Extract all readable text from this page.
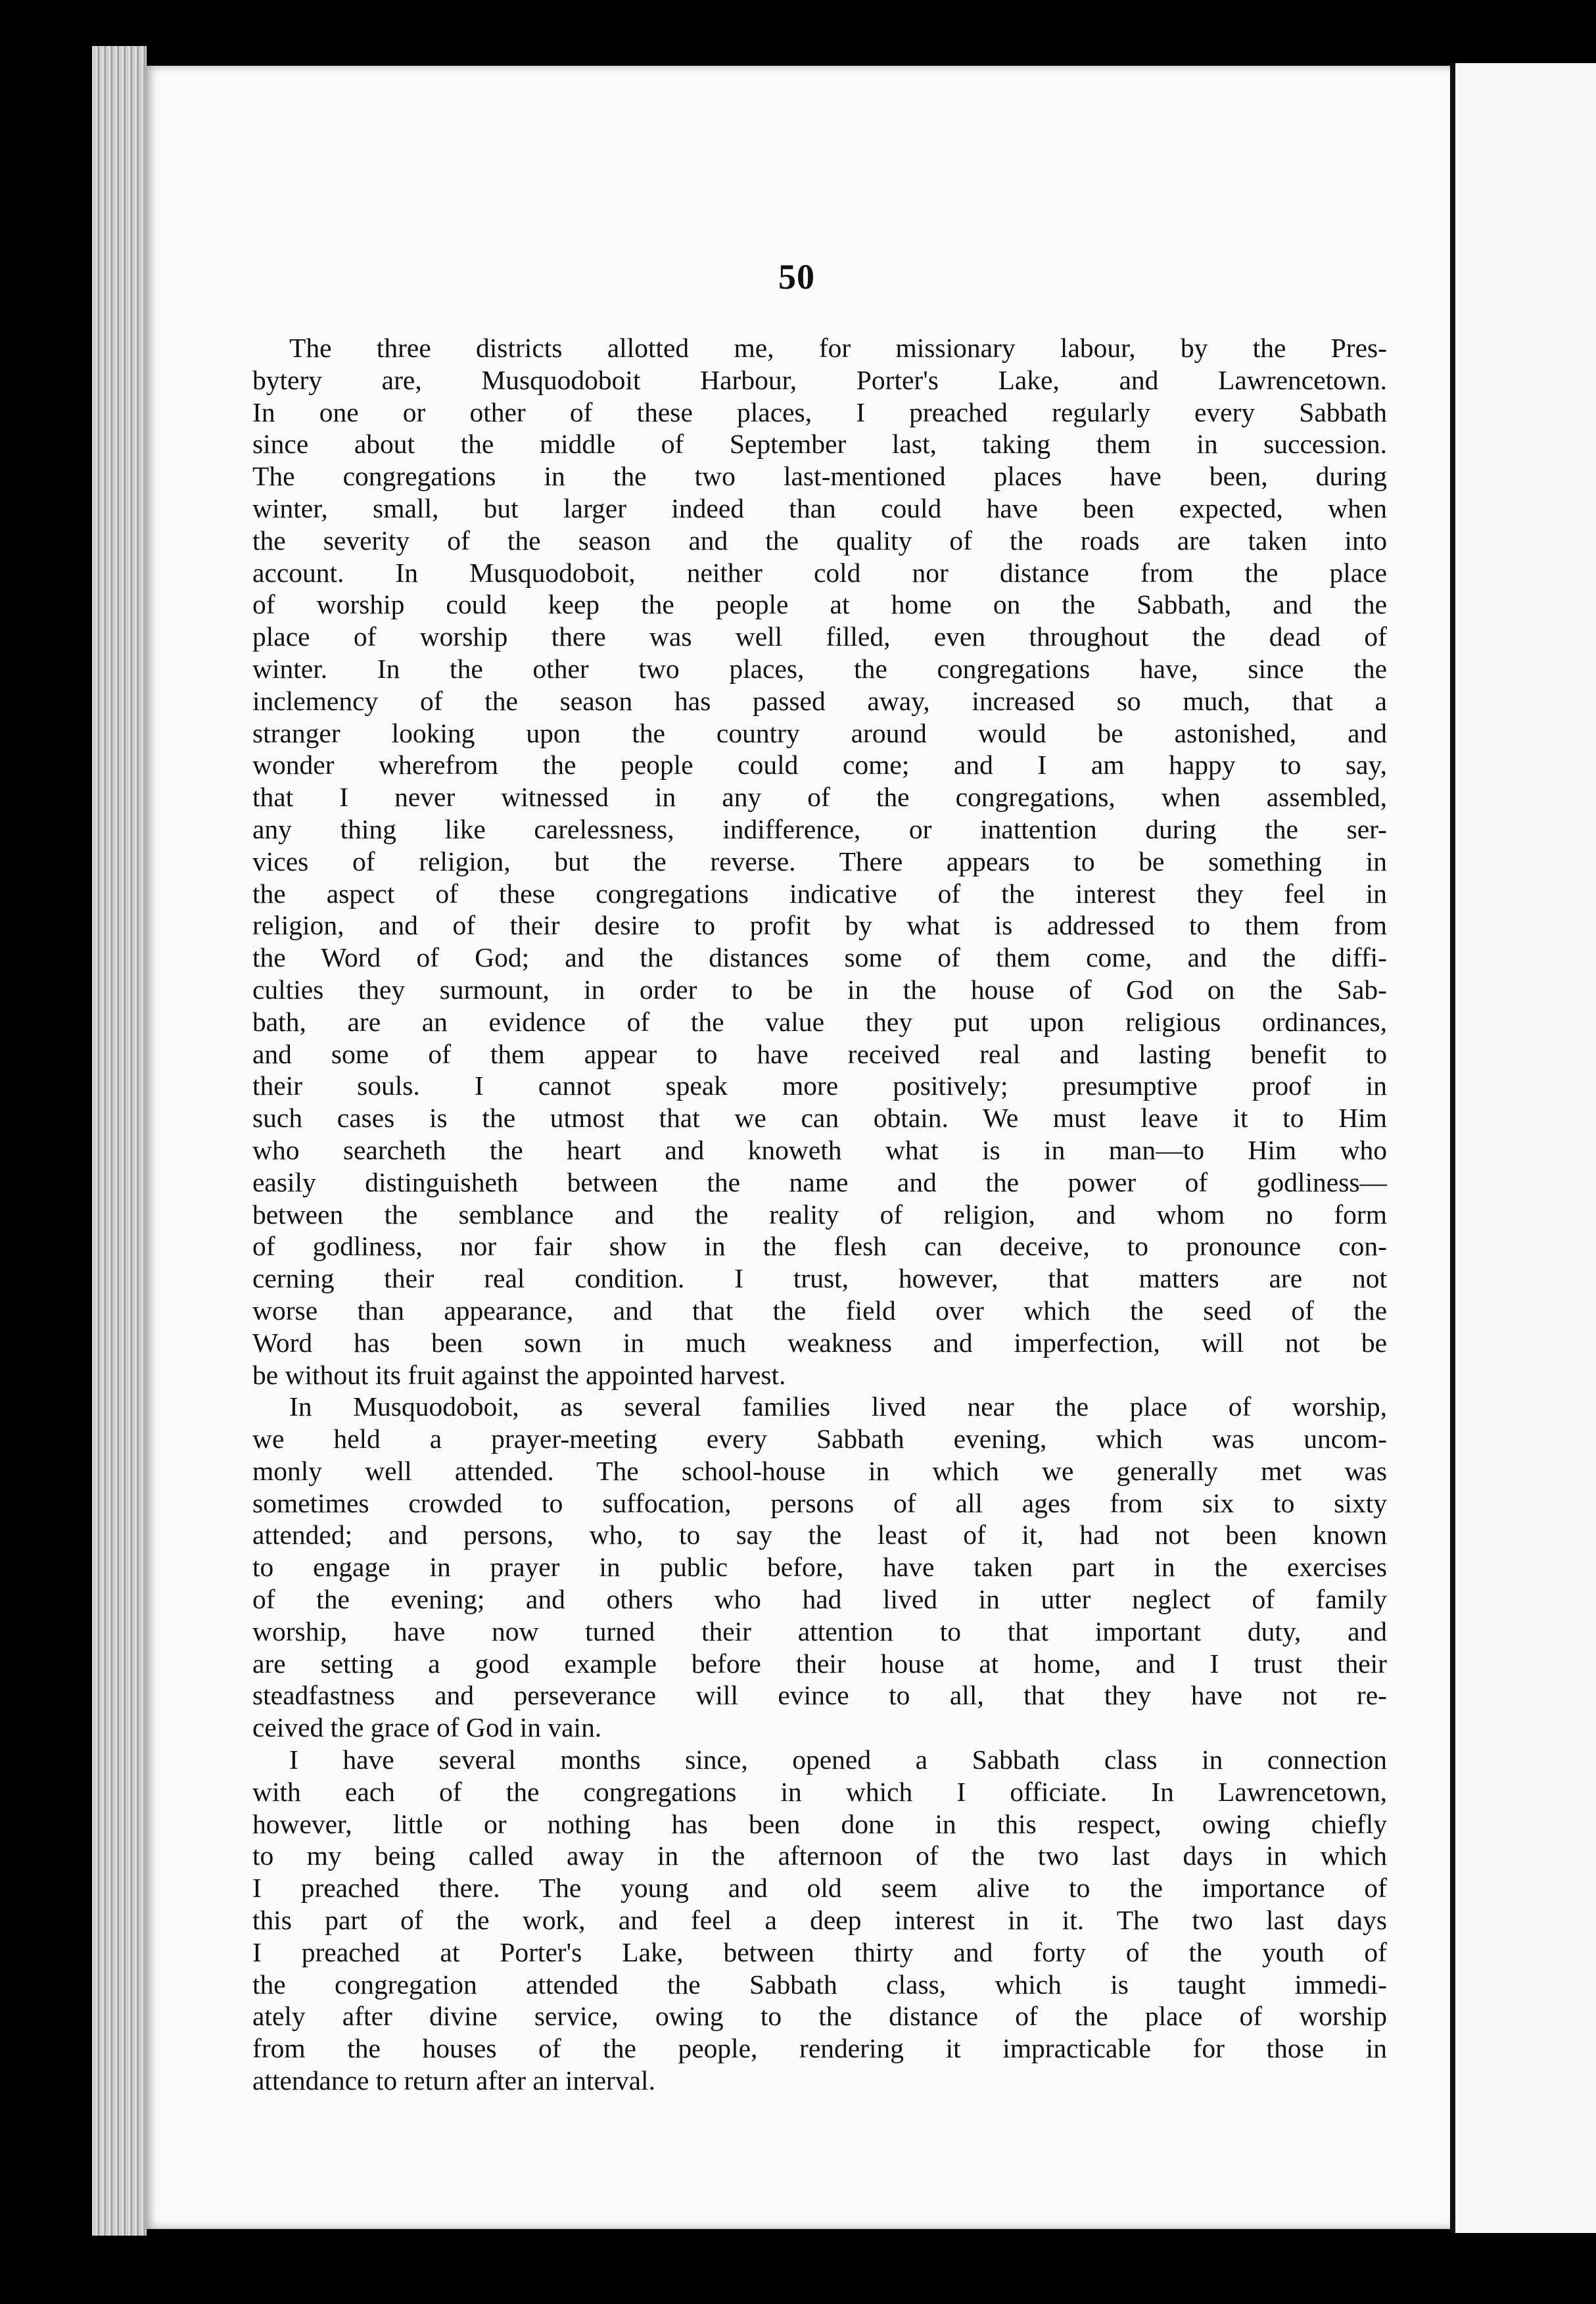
50

The three districts allotted me, for missionary labour, by the Pres-
bytery are, Musquodoboit Harbour, Porter's Lake, and Lawrencetown.
In one or other of these places, I preached regularly every Sabbath
since about the middle of September last, taking them in succession.
The congregations in the two last-mentioned places have been, during
winter, small, but larger indeed than could have been expected, when
the severity of the season and the quality of the roads are taken into
account. In Musquodoboit, neither cold nor distance from the place
of worship could keep the people at home on the Sabbath, and the
place of worship there was well filled, even throughout the dead of
winter. In the other two places, the congregations have, since the
inclemency of the season has passed away, increased so much, that a
stranger looking upon the country around would be astonished, and
wonder wherefrom the people could come; and I am happy to say,
that I never witnessed in any of the congregations, when assembled,
any thing like carelessness, indifference, or inattention during the ser-
vices of religion, but the reverse. There appears to be something in
the aspect of these congregations indicative of the interest they feel in
religion, and of their desire to profit by what is addressed to them from
the Word of God; and the distances some of them come, and the diffi-
culties they surmount, in order to be in the house of God on the Sab-
bath, are an evidence of the value they put upon religious ordinances,
and some of them appear to have received real and lasting benefit to
their souls. I cannot speak more positively; presumptive proof in
such cases is the utmost that we can obtain. We must leave it to Him
who searcheth the heart and knoweth what is in man—to Him who
easily distinguisheth between the name and the power of godliness—
between the semblance and the reality of religion, and whom no form
of godliness, nor fair show in the flesh can deceive, to pronounce con-
cerning their real condition. I trust, however, that matters are not
worse than appearance, and that the field over which the seed of the
Word has been sown in much weakness and imperfection, will not be
be without its fruit against the appointed harvest.

In Musquodoboit, as several families lived near the place of worship,
we held a prayer-meeting every Sabbath evening, which was uncom-
monly well attended. The school-house in which we generally met was
sometimes crowded to suffocation, persons of all ages from six to sixty
attended; and persons, who, to say the least of it, had not been known
to engage in prayer in public before, have taken part in the exercises
of the evening; and others who had lived in utter neglect of family
worship, have now turned their attention to that important duty, and
are setting a good example before their house at home, and I trust their
steadfastness and perseverance will evince to all, that they have not re-
ceived the grace of God in vain.

I have several months since, opened a Sabbath class in connection
with each of the congregations in which I officiate. In Lawrencetown,
however, little or nothing has been done in this respect, owing chiefly
to my being called away in the afternoon of the two last days in which
I preached there. The young and old seem alive to the importance of
this part of the work, and feel a deep interest in it. The two last days
I preached at Porter's Lake, between thirty and forty of the youth of
the congregation attended the Sabbath class, which is taught immedi-
ately after divine service, owing to the distance of the place of worship
from the houses of the people, rendering it impracticable for those in
attendance to return after an interval.
